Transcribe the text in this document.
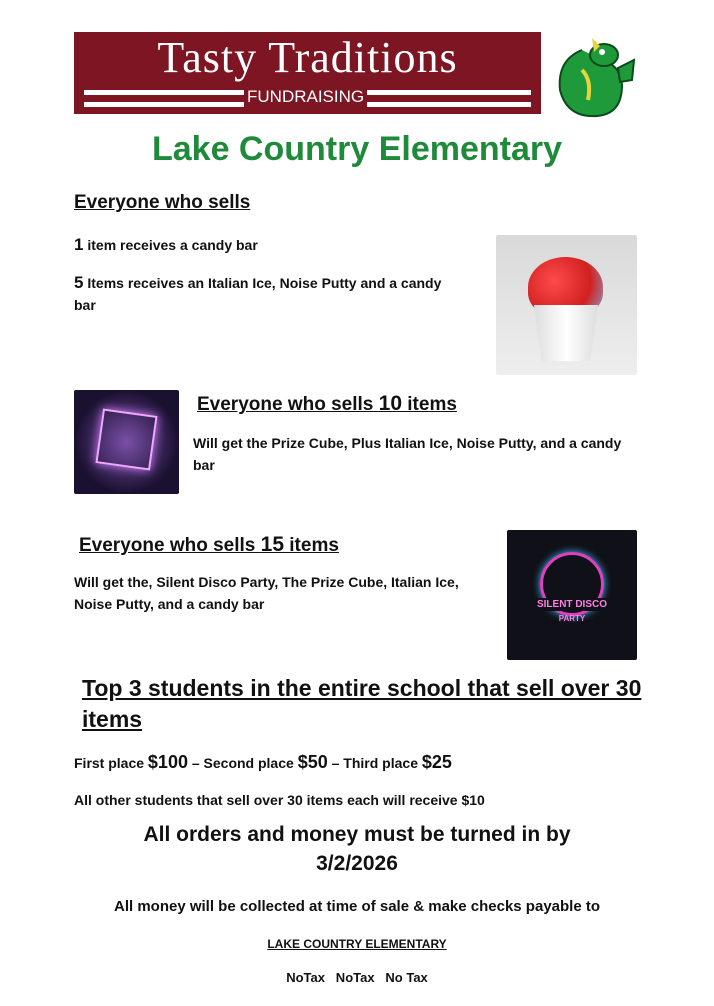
Tasty Traditions
FUNDRAISING
Lake Country Elementary
Everyone who sells
1 item receives a candy bar
5 Items receives an Italian Ice, Noise Putty and a candy bar
Everyone who sells 10 items
Will get the Prize Cube, Plus Italian Ice, Noise Putty, and a candy bar
Everyone who sells 15 items
Will get the, Silent Disco Party, The Prize Cube, Italian Ice, Noise Putty, and a candy bar	SILENT DISCO
PARTY
Top 3 students in the entire school that sell over 30 items
First place $100 – Second place $50 – Third place $25
All other students that sell over 30 items each will receive $10
All orders and money must be turned in by
3/2/2026
All money will be collected at time of sale & make checks payable to
LAKE COUNTRY ELEMENTARY
NoTax   NoTax   No Tax
